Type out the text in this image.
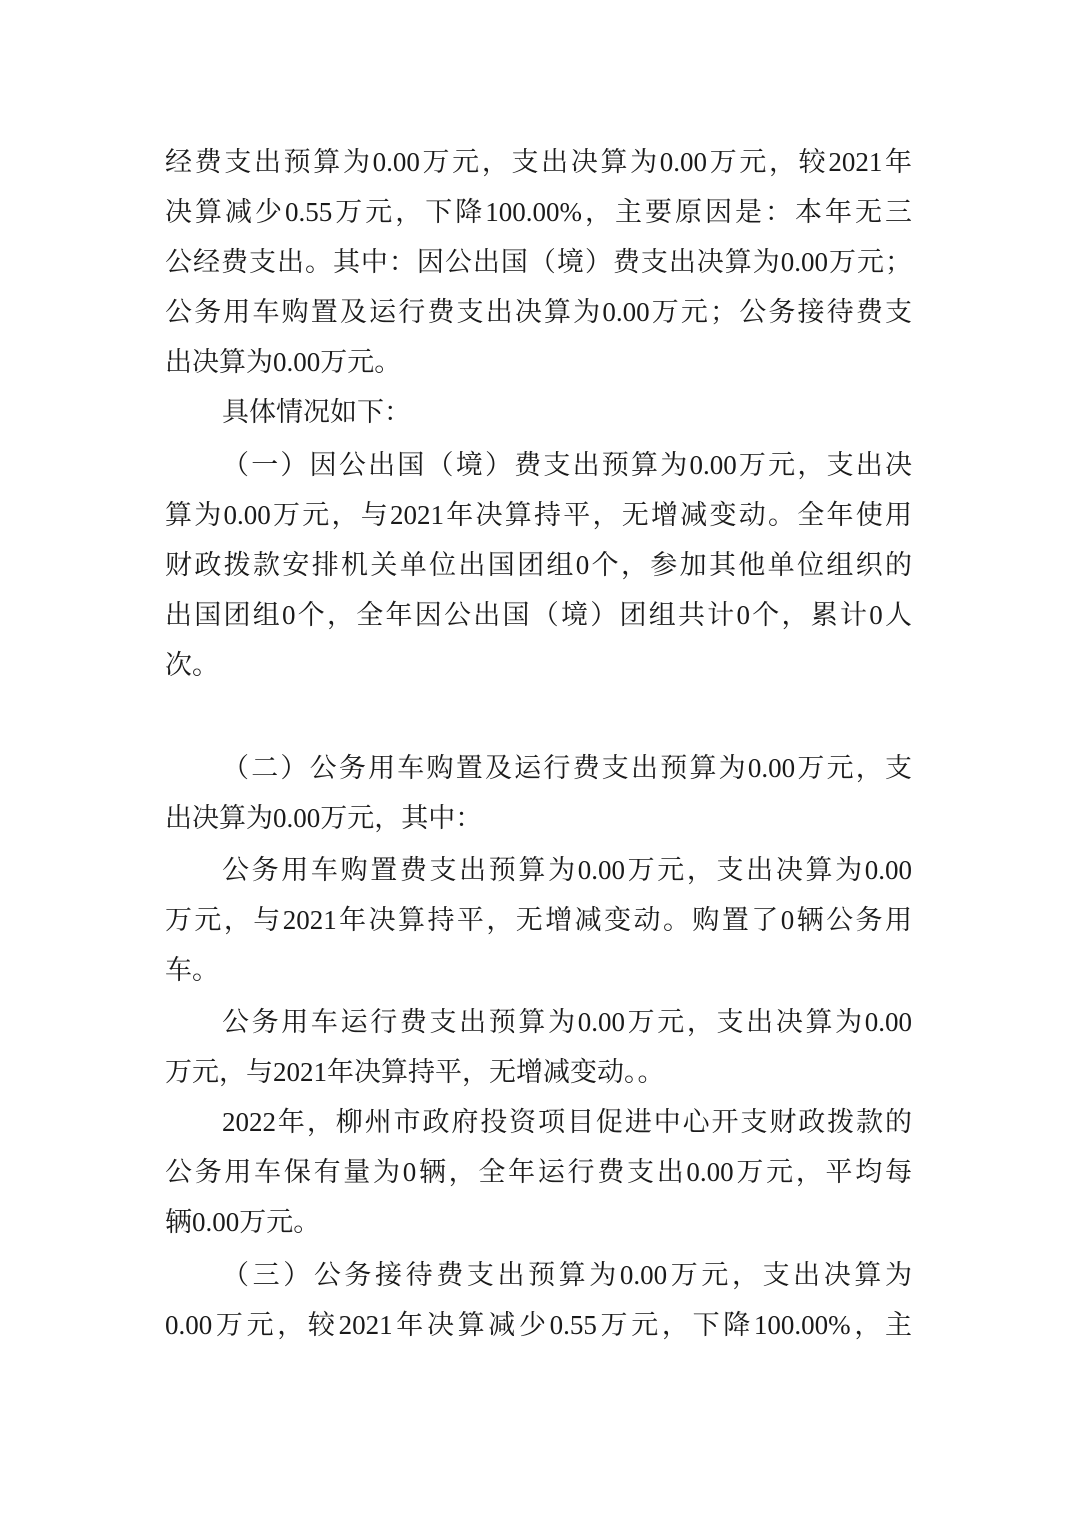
经费支出预算为0.00万元，支出决算为0.00万元，较2021年
决算减少0.55万元，下降100.00%，主要原因是：本年无三
公经费支出。其中：因公出国（境）费支出决算为0.00万元；
公务用车购置及运行费支出决算为0.00万元；公务接待费支
出决算为0.00万元。
具体情况如下：
（一）因公出国（境）费支出预算为0.00万元，支出决
算为0.00万元，与2021年决算持平，无增减变动。全年使用
财政拨款安排机关单位出国团组0个，参加其他单位组织的
出国团组0个，全年因公出国（境）团组共计0个，累计0人
次。
（二）公务用车购置及运行费支出预算为0.00万元，支
出决算为0.00万元，其中：
公务用车购置费支出预算为0.00万元，支出决算为0.00
万元，与2021年决算持平，无增减变动。购置了0辆公务用
车。
公务用车运行费支出预算为0.00万元，支出决算为0.00
万元，与2021年决算持平，无增减变动。。
2022年，柳州市政府投资项目促进中心开支财政拨款的
公务用车保有量为0辆，全年运行费支出0.00万元，平均每
辆0.00万元。
（三）公务接待费支出预算为0.00万元，支出决算为
0.00万元，较2021年决算减少0.55万元，下降100.00%，主
